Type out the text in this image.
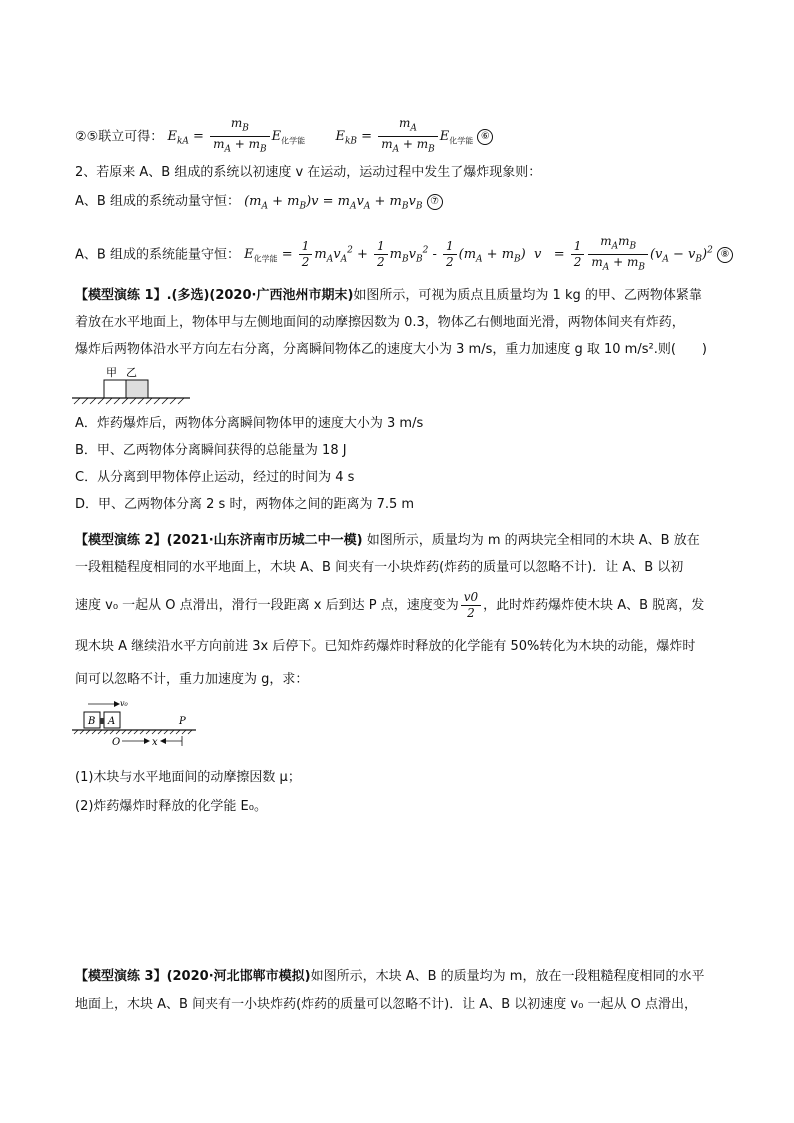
②⑤联立可得： $E_{kA} = \frac{m_B}{m_A + m_B} E_{化学能}$ $E_{kB} = \frac{m_A}{m_A + m_B} E_{化学能}$ ⑥
2、若原来 A、B 组成的系统以初速度 v 在运动，运动过程中发生了爆炸现象则：
A、B 组成的系统动量守恒： $(m_A + m_B)v = m_Av_A + m_Bv_B$ ⑦
A、B 组成的系统能量守恒： $E_{化学能} = \frac{1}{2} m_Av_A^2 + \frac{1}{2} m_Bv_B^2 - \frac{1}{2} (m_A + m_B) v = \frac{1}{2} \frac{m_Am_B}{m_A + m_B} (v_A - v_B)^2$ ⑧
【模型演练 1】.(多选)(2020·广西池州市期末)如图所示，可视为质点且质量均为 1 kg 的甲、乙两物体紧靠
着放在水平地面上，物体甲与左侧地面间的动摩擦因数为 0.3，物体乙右侧地面光滑，两物体间夹有炸药，
爆炸后两物体沿水平方向左右分离，分离瞬间物体乙的速度大小为 3 m/s，重力加速度 g 取 10 m/s².则(　　)
甲 乙
A．炸药爆炸后，两物体分离瞬间物体甲的速度大小为 3 m/s
B．甲、乙两物体分离瞬间获得的总能量为 18 J
C．从分离到甲物体停止运动，经过的时间为 4 s
D．甲、乙两物体分离 2 s 时，两物体之间的距离为 7.5 m
【模型演练 2】(2021·山东济南市历城二中一模) 如图所示，质量均为 m 的两块完全相同的木块 A、B 放在
一段粗糙程度相同的水平地面上，木块 A、B 间夹有一小块炸药(炸药的质量可以忽略不计)．让 A、B 以初
速度 v₀ 一起从 O 点滑出，滑行一段距离 x 后到达 P 点，速度变为 $\frac{v0}{2}$ ，此时炸药爆炸使木块 A、B 脱离，发
现木块 A 继续沿水平方向前进 3x 后停下。已知炸药爆炸时释放的化学能有 50%转化为木块的动能，爆炸时
间可以忽略不计，重力加速度为 g，求：
v₀
B A	P
O	x
(1)木块与水平地面间的动摩擦因数 μ；
(2)炸药爆炸时释放的化学能 E₀。
【模型演练 3】(2020·河北邯郸市模拟)如图所示，木块 A、B 的质量均为 m，放在一段粗糙程度相同的水平
地面上，木块 A、B 间夹有一小块炸药(炸药的质量可以忽略不计)．让 A、B 以初速度 v₀ 一起从 O 点滑出，
